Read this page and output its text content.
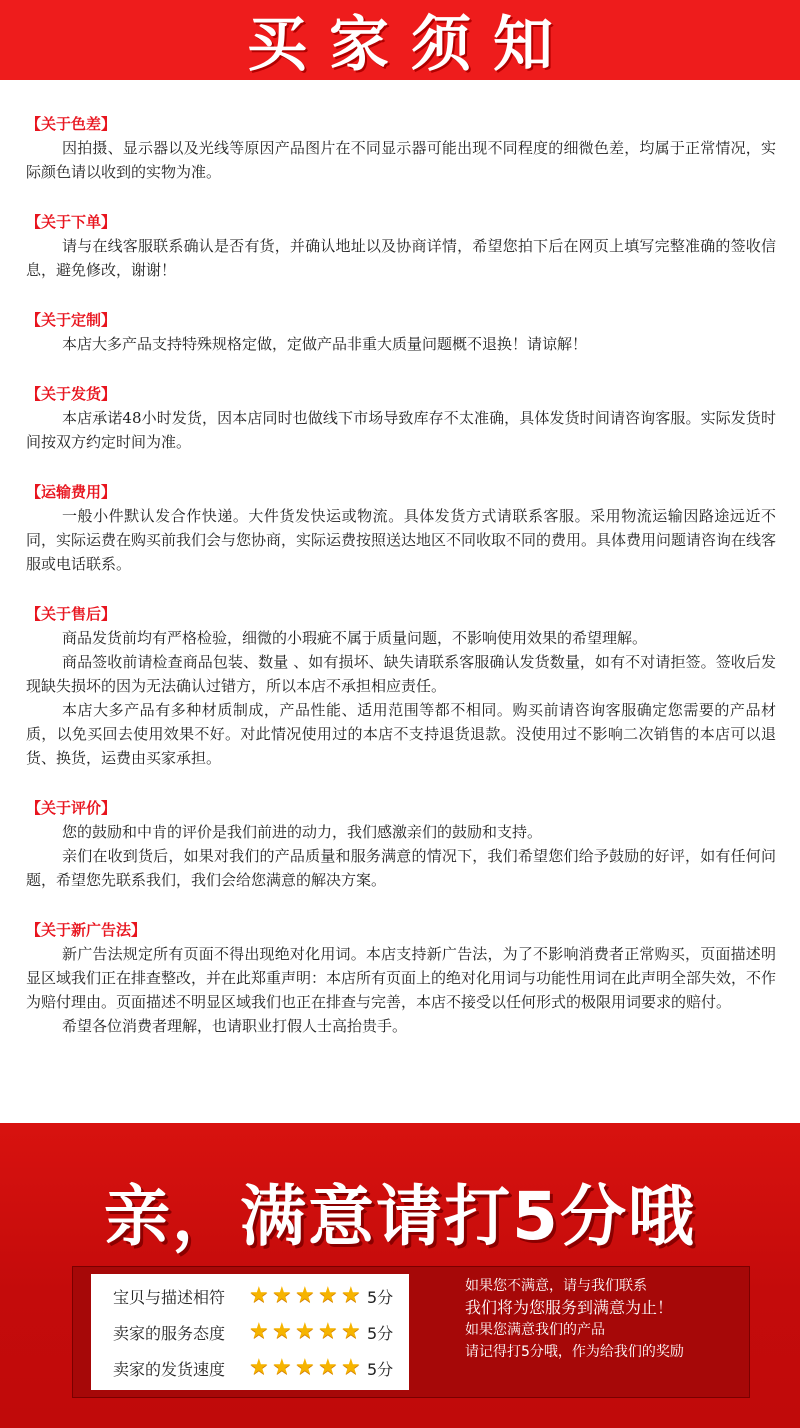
买家须知
【关于色差】

因拍摄、显示器以及光线等原因产品图片在不同显示器可能出现不同程度的细微色差，均属于正常情况，实际颜色请以收到的实物为准。

【关于下单】

请与在线客服联系确认是否有货，并确认地址以及协商详情，希望您拍下后在网页上填写完整准确的签收信息，避免修改，谢谢！

【关于定制】

本店大多产品支持特殊规格定做，定做产品非重大质量问题概不退换！请谅解！

【关于发货】

本店承诺48小时发货，因本店同时也做线下市场导致库存不太准确，具体发货时间请咨询客服。实际发货时间按双方约定时间为准。

【运输费用】

一般小件默认发合作快递。大件货发快运或物流。具体发货方式请联系客服。采用物流运输因路途远近不同，实际运费在购买前我们会与您协商，实际运费按照送达地区不同收取不同的费用。具体费用问题请咨询在线客服或电话联系。

【关于售后】

商品发货前均有严格检验，细微的小瑕疵不属于质量问题，不影响使用效果的希望理解。

商品签收前请检查商品包装、数量 、如有损坏、缺失请联系客服确认发货数量，如有不对请拒签。签收后发现缺失损坏的因为无法确认过错方，所以本店不承担相应责任。

本店大多产品有多种材质制成，产品性能、适用范围等都不相同。购买前请咨询客服确定您需要的产品材质，以免买回去使用效果不好。对此情况使用过的本店不支持退货退款。没使用过不影响二次销售的本店可以退货、换货，运费由买家承担。

【关于评价】

您的鼓励和中肯的评价是我们前进的动力，我们感激亲们的鼓励和支持。

亲们在收到货后，如果对我们的产品质量和服务满意的情况下，我们希望您们给予鼓励的好评，如有任何问题，希望您先联系我们，我们会给您满意的解决方案。

【关于新广告法】

新广告法规定所有页面不得出现绝对化用词。本店支持新广告法，为了不影响消费者正常购买，页面描述明显区域我们正在排查整改，并在此郑重声明：本店所有页面上的绝对化用词与功能性用词在此声明全部失效，不作为赔付理由。页面描述不明显区域我们也正在排查与完善，本店不接受以任何形式的极限用词要求的赔付。

希望各位消费者理解，也请职业打假人士高抬贵手。

亲，满意请打5分哦
宝贝与描述相符	★ ★ ★ ★ ★ 5分
卖家的服务态度	★ ★ ★ ★ ★ 5分
卖家的发货速度	★ ★ ★ ★ ★ 5分
如果您不满意，请与我们联系
我们将为您服务到满意为止！
如果您满意我们的产品
请记得打5分哦，作为给我们的奖励
